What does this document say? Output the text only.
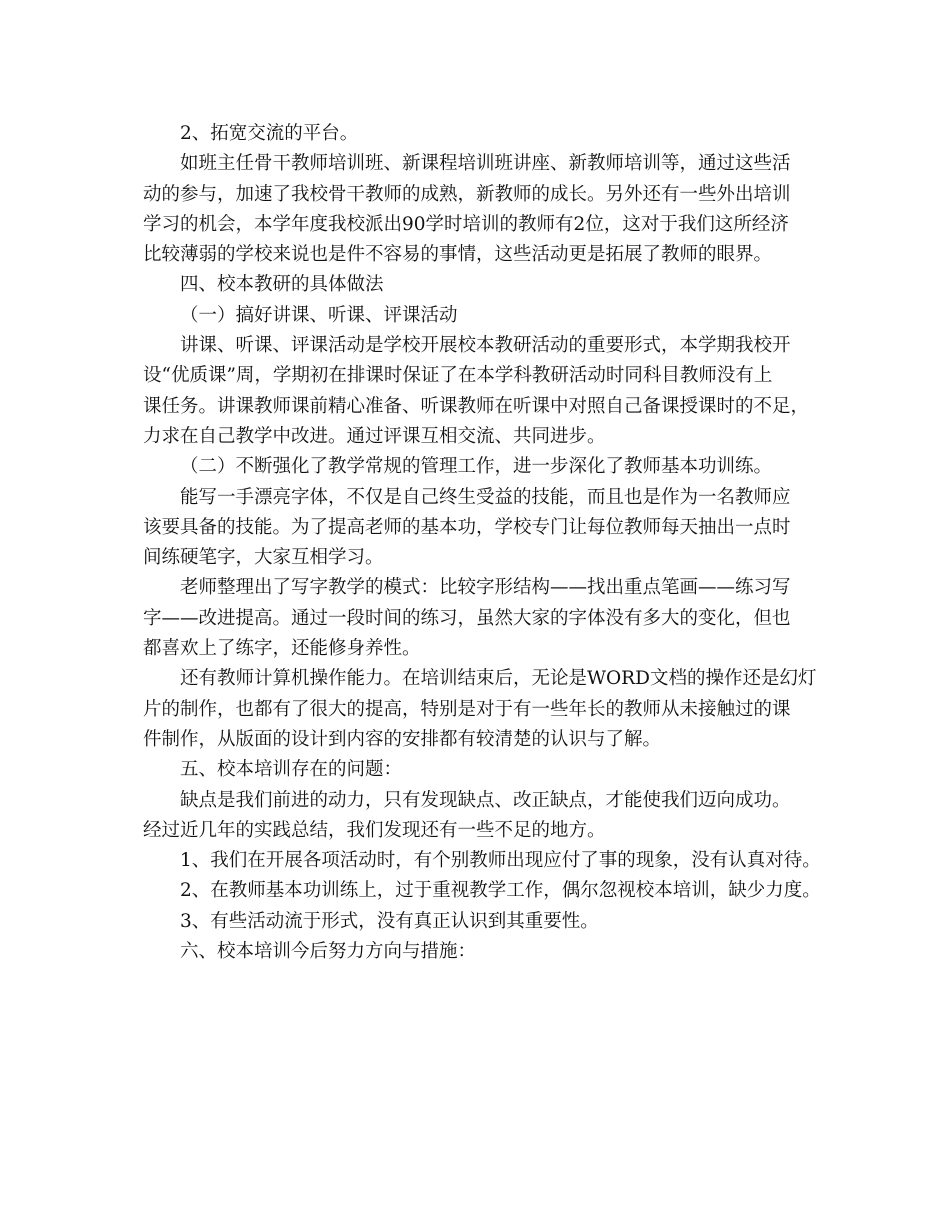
2、拓宽交流的平台。
如班主任骨干教师培训班、新课程培训班讲座、新教师培训等，通过这些活
动的参与，加速了我校骨干教师的成熟，新教师的成长。另外还有一些外出培训
学习的机会，本学年度我校派出90学时培训的教师有2位，这对于我们这所经济
比较薄弱的学校来说也是件不容易的事情，这些活动更是拓展了教师的眼界。
四、校本教研的具体做法
（一）搞好讲课、听课、评课活动
讲课、听课、评课活动是学校开展校本教研活动的重要形式，本学期我校开
设“优质课”周，学期初在排课时保证了在本学科教研活动时同科目教师没有上
课任务。讲课教师课前精心准备、听课教师在听课中对照自己备课授课时的不足，
力求在自己教学中改进。通过评课互相交流、共同进步。
（二）不断强化了教学常规的管理工作，进一步深化了教师基本功训练。
能写一手漂亮字体，不仅是自己终生受益的技能，而且也是作为一名教师应
该要具备的技能。为了提高老师的基本功，学校专门让每位教师每天抽出一点时
间练硬笔字，大家互相学习。
老师整理出了写字教学的模式：比较字形结构——找出重点笔画——练习写
字——改进提高。通过一段时间的练习，虽然大家的字体没有多大的变化，但也
都喜欢上了练字，还能修身养性。
还有教师计算机操作能力。在培训结束后，无论是WORD文档的操作还是幻灯
片的制作，也都有了很大的提高，特别是对于有一些年长的教师从未接触过的课
件制作，从版面的设计到内容的安排都有较清楚的认识与了解。
五、校本培训存在的问题：
缺点是我们前进的动力，只有发现缺点、改正缺点，才能使我们迈向成功。
经过近几年的实践总结，我们发现还有一些不足的地方。
1、我们在开展各项活动时，有个别教师出现应付了事的现象，没有认真对待。
2、在教师基本功训练上，过于重视教学工作，偶尔忽视校本培训，缺少力度。
3、有些活动流于形式，没有真正认识到其重要性。
六、校本培训今后努力方向与措施：
